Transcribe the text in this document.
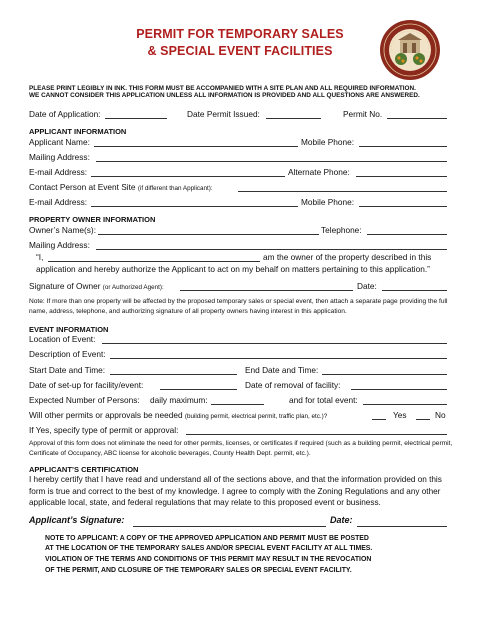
PERMIT FOR TEMPORARY SALES
& SPECIAL EVENT FACILITIES
PLEASE PRINT LEGIBLY IN INK. THIS FORM MUST BE ACCOMPANIED WITH A SITE PLAN AND ALL REQUIRED INFORMATION.
WE CANNOT CONSIDER THIS APPLICATION UNLESS ALL INFORMATION IS PROVIDED AND ALL QUESTIONS ARE ANSWERED.
Date of Application:	Date Permit Issued:	Permit No.
APPLICANT INFORMATION
Applicant Name:	Mobile Phone:
Mailing Address:
E-mail Address:	Alternate Phone:
Contact Person at Event Site (if different than Applicant):
E-mail Address:	Mobile Phone:
PROPERTY OWNER INFORMATION
Owner’s Name(s):	Telephone:
Mailing Address:
“I,	am the owner of the property described in this
application and hereby authorize the Applicant to act on my behalf on matters pertaining to this application.”
Signature of Owner (or Authorized Agent):	Date:
Note: If more than one property will be affected by the proposed temporary sales or special event, then attach a separate page providing the full name, address, telephone, and authorizing signature of all property owners having interest in this application.
EVENT INFORMATION
Location of Event:
Description of Event:
Start Date and Time:	End Date and Time:
Date of set-up for facility/event:	Date of removal of facility:
Expected Number of Persons: daily maximum:	and for total event:
Will other permits or approvals be needed (building permit, electrical permit, traffic plan, etc.)?	Yes	No
If Yes, specify type of permit or approval:
Approval of this form does not eliminate the need for other permits, licenses, or certificates if required (such as a building permit, electrical permit, Certificate of Occupancy, ABC license for alcoholic beverages, County Health Dept. permit, etc.).
APPLICANT’S CERTIFICATION
I hereby certify that I have read and understand all of the sections above, and that the information provided on this form is true and correct to the best of my knowledge. I agree to comply with the Zoning Regulations and any other applicable local, state, and federal regulations that may relate to this proposed event or business.
Applicant’s Signature:	Date:
NOTE TO APPLICANT: A COPY OF THE APPROVED APPLICATION AND PERMIT MUST BE POSTED
AT THE LOCATION OF THE TEMPORARY SALES AND/OR SPECIAL EVENT FACILITY AT ALL TIMES.
VIOLATION OF THE TERMS AND CONDITIONS OF THIS PERMIT MAY RESULT IN THE REVOCATION
OF THE PERMIT, AND CLOSURE OF THE TEMPORARY SALES OR SPECIAL EVENT FACILITY.
